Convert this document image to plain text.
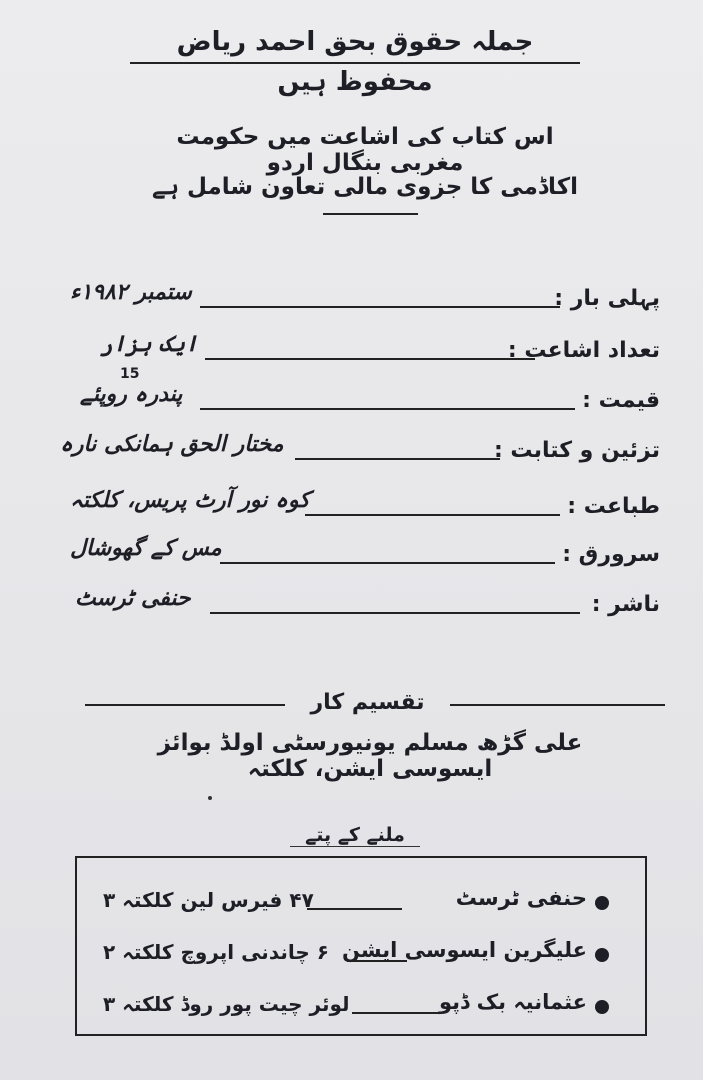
جملہ حقوق بحق احمد ریاض محفوظ ہیں
اس کتاب کی اشاعت میں حکومت مغربی بنگال اردو
اکاڈمی کا جزوی مالی تعاون شامل ہے
پہلی بار :
ستمبر ۱۹۸۲ء
تعداد اشاعت :
ایک ہزار
قیمت :
پندرہ روپئے
15
تزئین و کتابت :
مختار الحق ہمانکی نارہ
طباعت :
کوہ نور آرٹ پریس، کلکتہ
سرورق :
مس کے گھوشال
ناشر :
حنفی ٹرسٹ
تقسیم کار
علی گڑھ مسلم یونیورسٹی اولڈ بوائز ایسوسی ایشن، کلکتہ
ملنے کے پتے
حنفی ٹرسٹ
۴۷ فیرس لین کلکتہ ۳
علیگرین ایسوسی ایشن
۶ چاندنی اپروچ کلکتہ ۲
عثمانیہ بک ڈپو
لوئر چیت پور روڈ کلکتہ ۳
